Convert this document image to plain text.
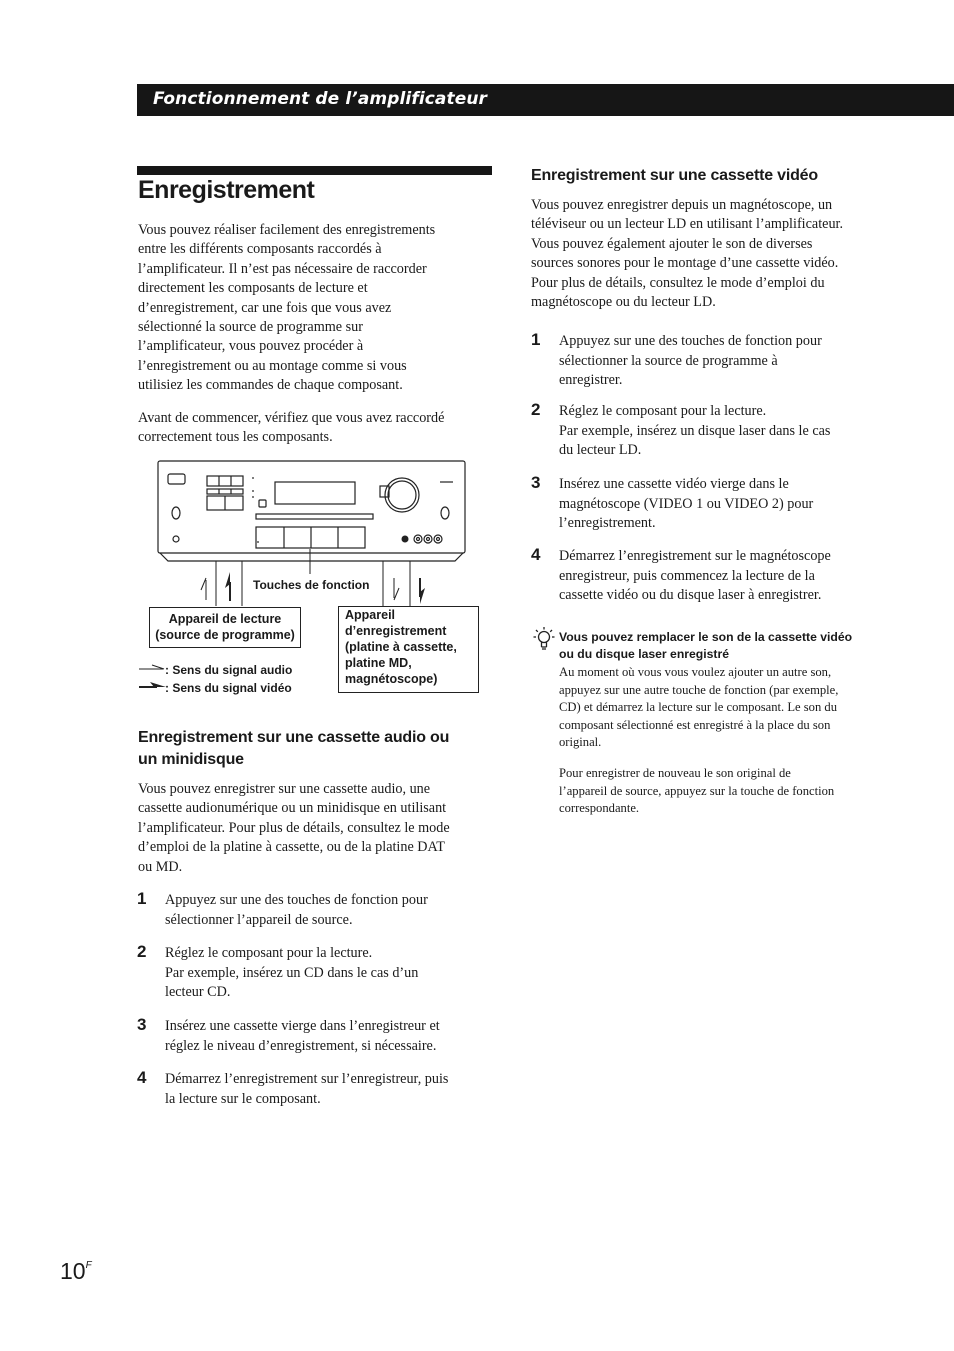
Fonctionnement de l’amplificateur
Enregistrement
Vous pouvez réaliser facilement des enregistrements
entre les différents composants raccordés à
l’amplificateur. Il n’est pas nécessaire de raccorder
directement les composants de lecture et
d’enregistrement, car une fois que vous avez
sélectionné la source de programme sur
l’amplificateur, vous pouvez procéder à
l’enregistrement ou au montage comme si vous
utilisiez les commandes de chaque composant.
Avant de commencer, vérifiez que vous avez raccordé
correctement tous les composants.
Touches de fonction
Appareil de lecture
(source de programme)
Appareil
d’enregistrement
(platine à cassette,
platine MD,
magnétoscope)
: Sens du signal audio
: Sens du signal vidéo
Enregistrement sur une cassette audio ou
un minidisque
Vous pouvez enregistrer sur une cassette audio, une
cassette audionumérique ou un minidisque en utilisant
l’amplificateur. Pour plus de détails, consultez le mode
d’emploi de la platine à cassette, ou de la platine DAT
ou MD.
1 Appuyez sur une des touches de fonction pour
sélectionner l’appareil de source.
2 Réglez le composant pour la lecture.
Par exemple, insérez un CD dans le cas d’un
lecteur CD.
3 Insérez une cassette vierge dans l’enregistreur et
réglez le niveau d’enregistrement, si nécessaire.
4 Démarrez l’enregistrement sur l’enregistreur, puis
la lecture sur le composant.
Enregistrement sur une cassette vidéo
Vous pouvez enregistrer depuis un magnétoscope, un
téléviseur ou un lecteur LD en utilisant l’amplificateur.
Vous pouvez également ajouter le son de diverses
sources sonores pour le montage d’une cassette vidéo.
Pour plus de détails, consultez le mode d’emploi du
magnétoscope ou du lecteur LD.
1 Appuyez sur une des touches de fonction pour
sélectionner la source de programme à
enregistrer.
2 Réglez le composant pour la lecture.
Par exemple, insérez un disque laser dans le cas
du lecteur LD.
3 Insérez une cassette vidéo vierge dans le
magnétoscope (VIDEO 1 ou VIDEO 2) pour
l’enregistrement.
4 Démarrez l’enregistrement sur le magnétoscope
enregistreur, puis commencez la lecture de la
cassette vidéo ou du disque laser à enregistrer.
Vous pouvez remplacer le son de la cassette vidéo
ou du disque laser enregistré
Au moment où vous vous voulez ajouter un autre son,
appuyez sur une autre touche de fonction (par exemple,
CD) et démarrez la lecture sur le composant. Le son du
composant sélectionné est enregistré à la place du son
original.
Pour enregistrer de nouveau le son original de
l’appareil de source, appuyez sur la touche de fonction
correspondante.
$10^F$
